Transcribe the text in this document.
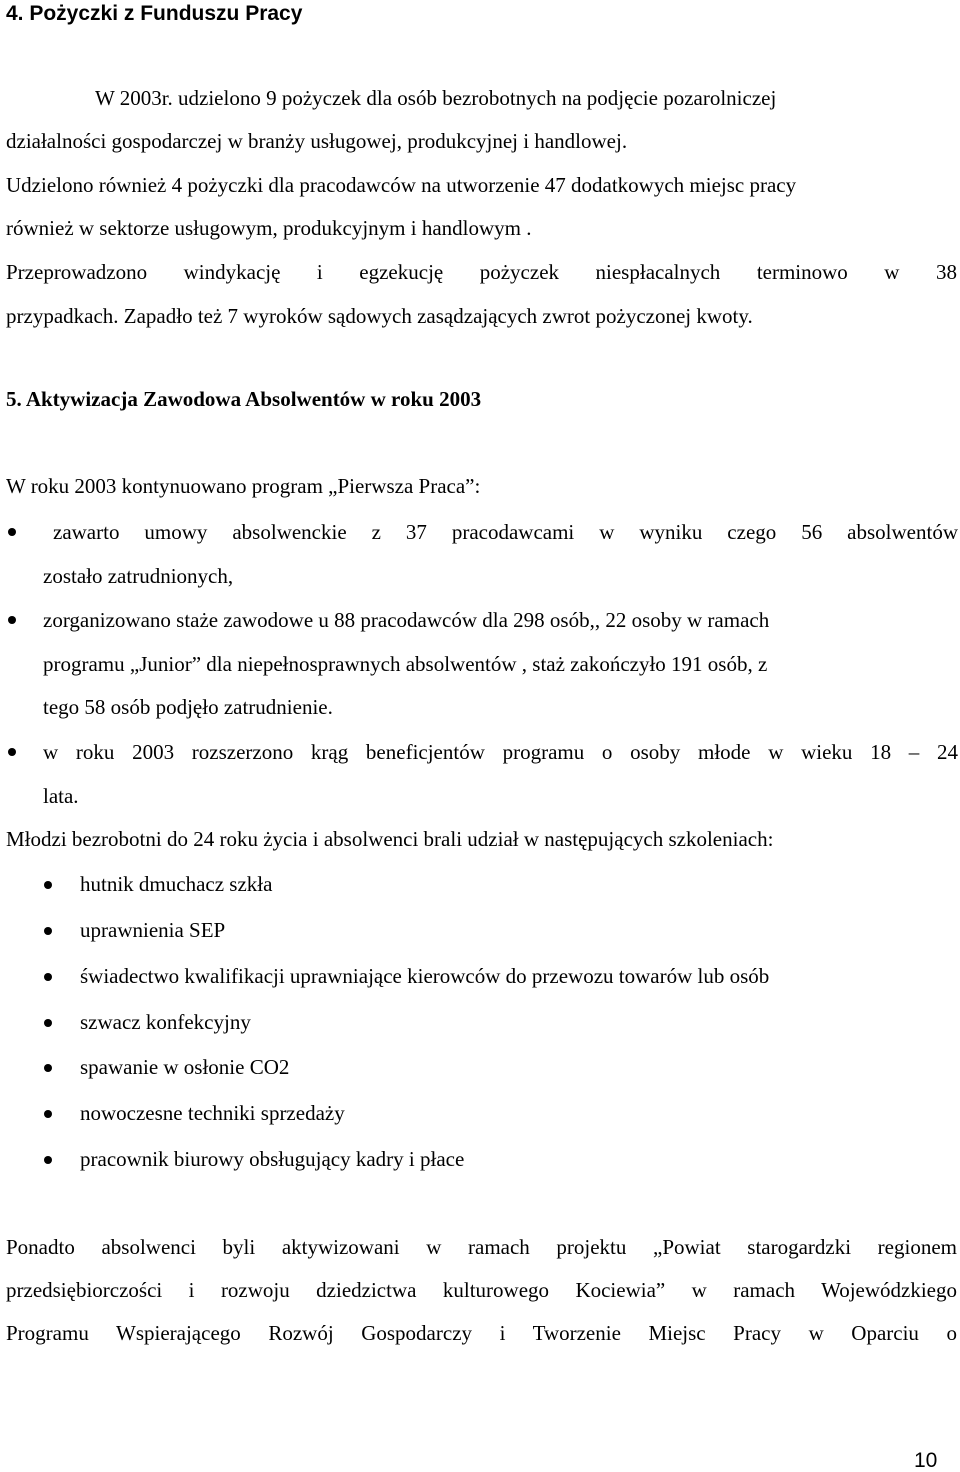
4. Pożyczki z Funduszu Pracy
W 2003r. udzielono 9 pożyczek dla osób bezrobotnych na podjęcie pozarolniczej
działalności gospodarczej w branży usługowej, produkcyjnej i handlowej.
Udzielono również 4 pożyczki dla pracodawców na utworzenie 47 dodatkowych miejsc pracy
również w sektorze usługowym, produkcyjnym i handlowym .
Przeprowadzono windykację i egzekucję pożyczek niespłacalnych terminowo w 38
przypadkach. Zapadło też 7 wyroków sądowych zasądzających zwrot pożyczonej kwoty.
5. Aktywizacja Zawodowa Absolwentów w roku 2003
W roku 2003 kontynuowano program „Pierwsza Praca”:
zawarto umowy absolwenckie z 37 pracodawcami w wyniku czego 56 absolwentów
zostało zatrudnionych,
zorganizowano staże zawodowe u 88 pracodawców dla 298 osób,, 22 osoby w ramach
programu „Junior” dla niepełnosprawnych absolwentów , staż zakończyło 191 osób, z
tego 58 osób podjęło zatrudnienie.
w roku 2003 rozszerzono krąg beneficjentów programu o osoby młode w wieku 18 – 24
lata.
Młodzi bezrobotni do 24 roku życia i absolwenci brali udział w następujących szkoleniach:
hutnik dmuchacz szkła
uprawnienia SEP
świadectwo kwalifikacji uprawniające kierowców do przewozu towarów lub osób
szwacz konfekcyjny
spawanie w osłonie CO2
nowoczesne techniki sprzedaży
pracownik biurowy obsługujący kadry i płace
Ponadto absolwenci byli aktywizowani w ramach projektu „Powiat starogardzki regionem
przedsiębiorczości i rozwoju dziedzictwa kulturowego Kociewia” w ramach Wojewódzkiego
Programu Wspierającego Rozwój Gospodarczy i Tworzenie Miejsc Pracy w Oparciu o
10
